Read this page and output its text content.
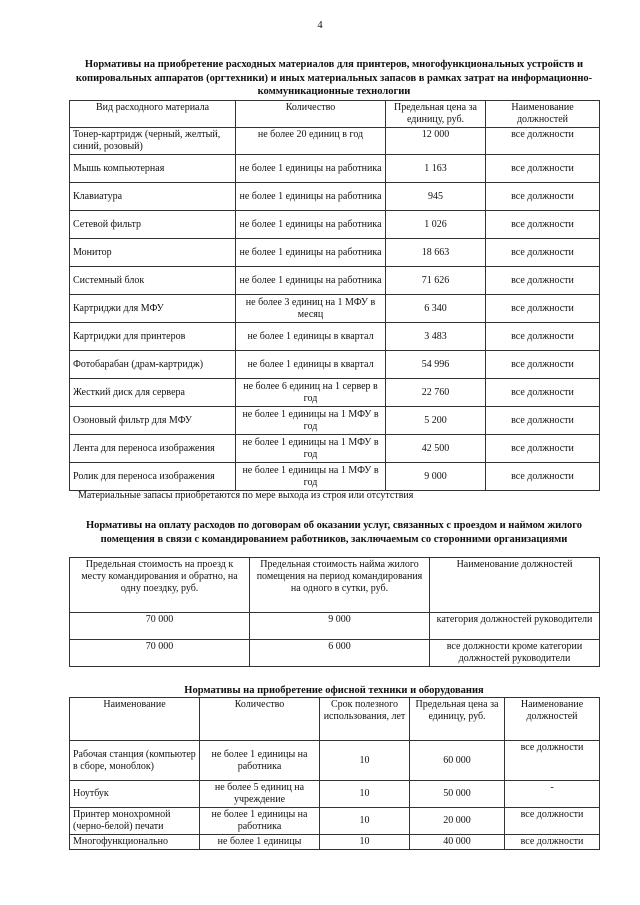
4
Нормативы на приобретение расходных материалов для принтеров, многофункциональных устройств и копировальных аппаратов (оргтехники) и иных материальных запасов в рамках затрат на информационно-коммуникационные технологии
Вид расходного материала	Количество	Предельная цена за единицу, руб.	Наименование должностей
Тонер-картридж (черный, желтый, синий, розовый)	не более 20 единиц в год	12 000	все должности
Мышь компьютерная	не более 1 единицы на работника	1 163	все должности
Клавиатура	не более 1 единицы на работника	945	все должности
Сетевой фильтр	не более 1 единицы на работника	1 026	все должности
Монитор	не более 1 единицы на работника	18 663	все должности
Системный блок	не более 1 единицы на работника	71 626	все должности
Картриджи для МФУ	не более 3 единиц на 1 МФУ в месяц	6 340	все должности
Картриджи для принтеров	не более 1 единицы в квартал	3 483	все должности
Фотобарабан (драм-картридж)	не более 1 единицы в квартал	54 996	все должности
Жесткий диск для сервера	не более 6 единиц на 1 сервер в год	22 760	все должности
Озоновый фильтр для МФУ	не более 1 единицы на 1 МФУ в год	5 200	все должности
Лента для переноса изображения	не более 1 единицы на 1 МФУ в год	42 500	все должности
Ролик для переноса изображения	не более 1 единицы на 1 МФУ в год	9 000	все должности
Материальные запасы приобретаются по мере выхода из строя или отсутствия
Нормативы на оплату расходов по договорам об оказании услуг, связанных с проездом и наймом жилого помещения в связи с командированием работников, заключаемым со сторонними организациями
Предельная стоимость на проезд к месту командирования и обратно, на одну поездку, руб.	Предельная стоимость найма жилого помещения на период командирования на одного в сутки, руб.	Наименование должностей
70 000	9 000	категория должностей руководители
70 000	6 000	все должности кроме категории должностей руководители
Нормативы на приобретение офисной техники и оборудования
Наименование	Количество	Срок полезного использования, лет	Предельная цена за единицу, руб.	Наименование должностей
Рабочая станция (компьютер в сборе, моноблок)	не более 1 единицы на работника	10	60 000	все должности
Ноутбук	не более 5 единиц на учреждение	10	50 000	-
Принтер монохромной (черно-белой) печати	не более 1 единицы на работника	10	20 000	все должности
Многофункционально	не более 1 единицы	10	40 000	все должности
